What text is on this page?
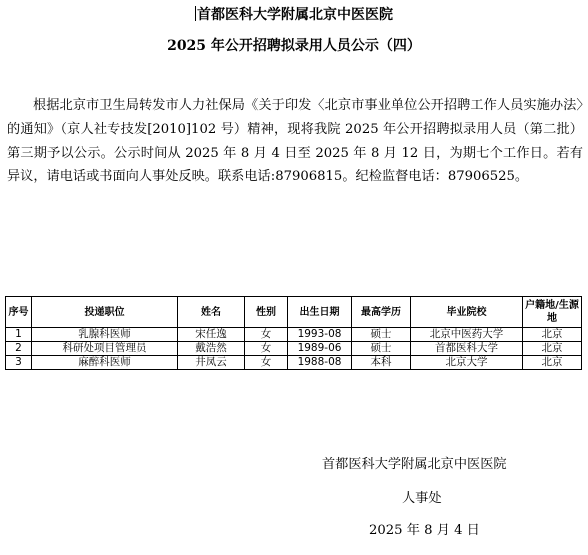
首都医科大学附属北京中医医院
2025 年公开招聘拟录用人员公示（四）

根据北京市卫生局转发市人力社保局《关于印发〈北京市事业单位公开招聘工作人员实施办法〉的通知》（京人社专技发[2010]102 号）精神，现将我院 2025 年公开招聘拟录用人员（第二批）第三期予以公示。公示时间从 2025 年 8 月 4 日至 2025 年 8 月 12 日，为期七个工作日。若有异议，请电话或书面向人事处反映。联系电话:87906815。纪检监督电话：87906525。

序号	投递职位	姓名	性别	出生日期	最高学历	毕业院校	户籍地/生源地
1	乳腺科医师	宋任逸	女	1993-08	硕士	北京中医药大学	北京
2	科研处项目管理员	戴浩然	女	1989-06	硕士	首都医科大学	北京
3	麻醉科医师	井凤云	女	1988-08	本科	北京大学	北京
首都医科大学附属北京中医医院
人事处
2025 年 8 月 4 日
